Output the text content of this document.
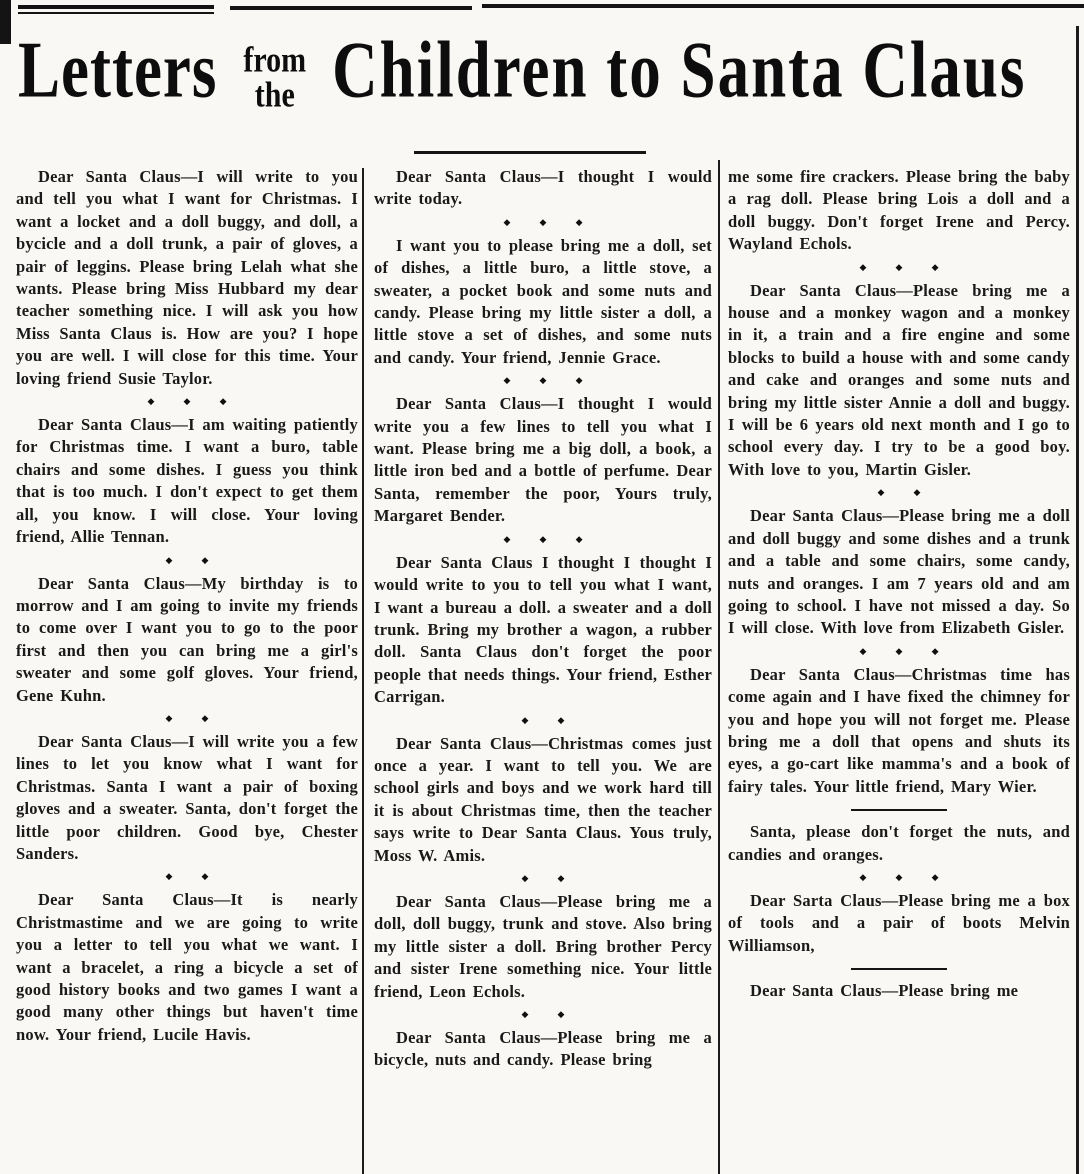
Letters from
the Children to Santa Claus

Dear Santa Claus—I will write to you and tell you what I want for Christmas. I want a locket and a doll buggy, and doll, a bycicle and a doll trunk, a pair of gloves, a pair of leggins. Please bring Lelah what she wants. Please bring Miss Hubbard my dear teacher something nice. I will ask you how Miss Santa Claus is. How are you? I hope you are well. I will close for this time. Your loving friend Susie Taylor.

◆ ◆ ◆

Dear Santa Claus—I am waiting patiently for Christmas time. I want a buro, table chairs and some dishes. I guess you think that is too much. I don't expect to get them all, you know. I will close. Your loving friend, Allie Tennan.

◆ ◆

Dear Santa Claus—My birthday is to morrow and I am going to invite my friends to come over I want you to go to the poor first and then you can bring me a girl's sweater and some golf gloves. Your friend, Gene Kuhn.

◆ ◆

Dear Santa Claus—I will write you a few lines to let you know what I want for Christmas. Santa I want a pair of boxing gloves and a sweater. Santa, don't forget the little poor children. Good bye, Chester Sanders.

◆ ◆

Dear Santa Claus—It is nearly Christmastime and we are going to write you a letter to tell you what we want. I want a bracelet, a ring a bicycle a set of good history books and two games I want a good many other things but haven't time now. Your friend, Lucile Havis.

Dear Santa Claus—I thought I would write today.

◆ ◆ ◆

I want you to please bring me a doll, set of dishes, a little buro, a little stove, a sweater, a pocket book and some nuts and candy. Please bring my little sister a doll, a little stove a set of dishes, and some nuts and candy. Your friend, Jennie Grace.

◆ ◆ ◆

Dear Santa Claus—I thought I would write you a few lines to tell you what I want. Please bring me a big doll, a book, a little iron bed and a bottle of perfume. Dear Santa, remember the poor, Yours truly, Margaret Bender.

◆ ◆ ◆

Dear Santa Claus I thought I thought I would write to you to tell you what I want, I want a bureau a doll. a sweater and a doll trunk. Bring my brother a wagon, a rubber doll. Santa Claus don't forget the poor people that needs things. Your friend, Esther Carrigan.

◆ ◆

Dear Santa Claus—Christmas comes just once a year. I want to tell you. We are school girls and boys and we work hard till it is about Christmas time, then the teacher says write to Dear Santa Claus. Yous truly, Moss W. Amis.

◆ ◆

Dear Santa Claus—Please bring me a doll, doll buggy, trunk and stove. Also bring my little sister a doll. Bring brother Percy and sister Irene something nice. Your little friend, Leon Echols.

◆ ◆

Dear Santa Claus—Please bring me a bicycle, nuts and candy. Please bring

me some fire crackers. Please bring the baby a rag doll. Please bring Lois a doll and a doll buggy. Don't forget Irene and Percy. Wayland Echols.

◆ ◆ ◆

Dear Santa Claus—Please bring me a house and a monkey wagon and a monkey in it, a train and a fire engine and some blocks to build a house with and some candy and cake and oranges and some nuts and bring my little sister Annie a doll and buggy. I will be 6 years old next month and I go to school every day. I try to be a good boy. With love to you, Martin Gisler.

◆ ◆

Dear Santa Claus—Please bring me a doll and doll buggy and some dishes and a trunk and a table and some chairs, some candy, nuts and oranges. I am 7 years old and am going to school. I have not missed a day. So I will close. With love from Elizabeth Gisler.

◆ ◆ ◆

Dear Santa Claus—Christmas time has come again and I have fixed the chimney for you and hope you will not forget me. Please bring me a doll that opens and shuts its eyes, a go-cart like mamma's and a book of fairy tales. Your little friend, Mary Wier.

Santa, please don't forget the nuts, and candies and oranges.

◆ ◆ ◆

Dear Sarta Claus—Please bring me a box of tools and a pair of boots Melvin Williamson,

Dear Santa Claus—Please bring me
